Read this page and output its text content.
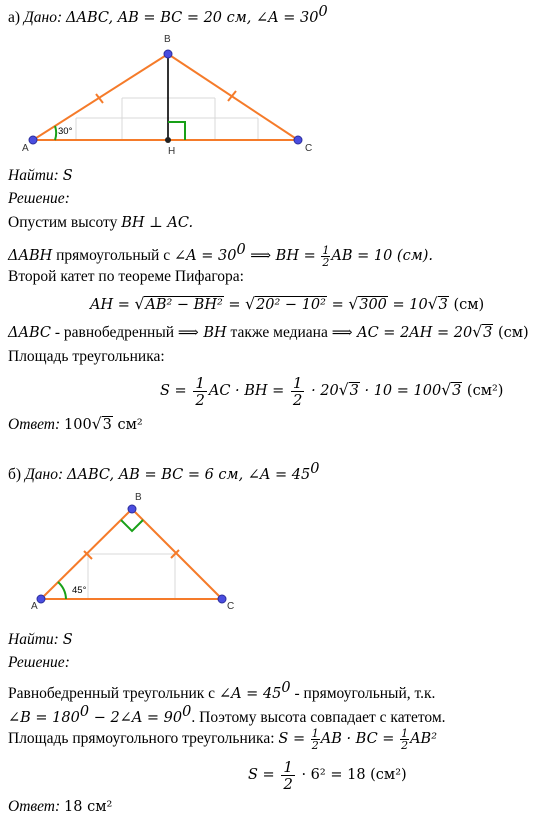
а) Дано: ΔABC, AB = BC = 20 см, ∠A = $30^0$
30°
A
B
C
H
Найти: S
Решение:
Опустим высоту BH ⊥ AC.
ΔABH прямоугольный с ∠A = $30^0$ ⟹ BH = $\frac{1}{2}$ AB = 10 (см).
Второй катет по теореме Пифагора:
AH = √AB² − BH² = √20² − 10² = √300 = 10√3 (см)
ΔABC - равнобедренный ⟹ BH также медиана ⟹ AC = 2AH = 20√3 (см)
Площадь треугольника:
$S = \frac{1}{2}$ AC · BH = $\frac{1}{2} \cdot 20√3 \cdot 10 = 100√3$ (см²)
Ответ: 100√3 см²
б) Дано: ΔABC, AB = BC = 6 см, ∠A = $45^0$
45°
A
B
C
Найти: S
Решение:
Равнобедренный треугольник с ∠A = $45^0$ - прямоугольный, т.к.
∠B = $180^0$ − 2∠A = $90^0$. Поэтому высота совпадает с катетом.
Площадь прямоугольного треугольника: $S = \frac{1}{2}$ AB · BC = $\frac{1}{2} AB^2$
$S = \frac{1}{2} \cdot 6^2 = 18$ (см²)
Ответ: 18 см²
